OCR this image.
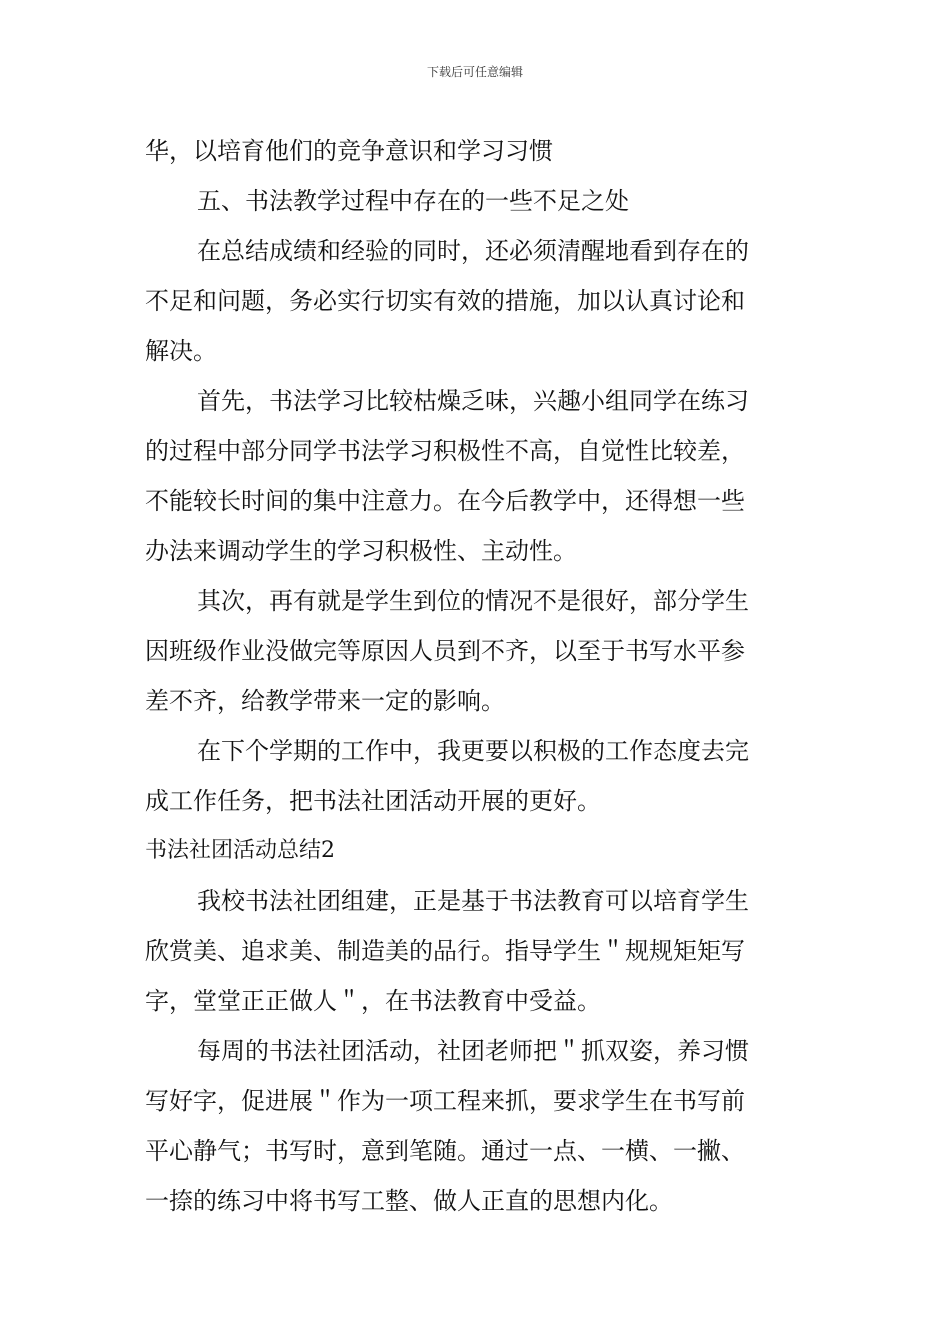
下载后可任意编辑
华，以培育他们的竞争意识和学习习惯
五、书法教学过程中存在的一些不足之处
在总结成绩和经验的同时，还必须清醒地看到存在的
不足和问题，务必实行切实有效的措施，加以认真讨论和
解决。
首先，书法学习比较枯燥乏味，兴趣小组同学在练习
的过程中部分同学书法学习积极性不高，自觉性比较差，
不能较长时间的集中注意力。在今后教学中，还得想一些
办法来调动学生的学习积极性、主动性。
其次，再有就是学生到位的情况不是很好，部分学生
因班级作业没做完等原因人员到不齐，以至于书写水平参
差不齐，给教学带来一定的影响。
在下个学期的工作中，我更要以积极的工作态度去完
成工作任务，把书法社团活动开展的更好。
书法社团活动总结2
我校书法社团组建，正是基于书法教育可以培育学生
欣赏美、追求美、制造美的品行。指导学生＂规规矩矩写
字，堂堂正正做人＂，在书法教育中受益。
每周的书法社团活动，社团老师把＂抓双姿，养习惯
写好字，促进展＂作为一项工程来抓，要求学生在书写前
平心静气；书写时，意到笔随。通过一点、一横、一撇、
一捺的练习中将书写工整、做人正直的思想内化。
